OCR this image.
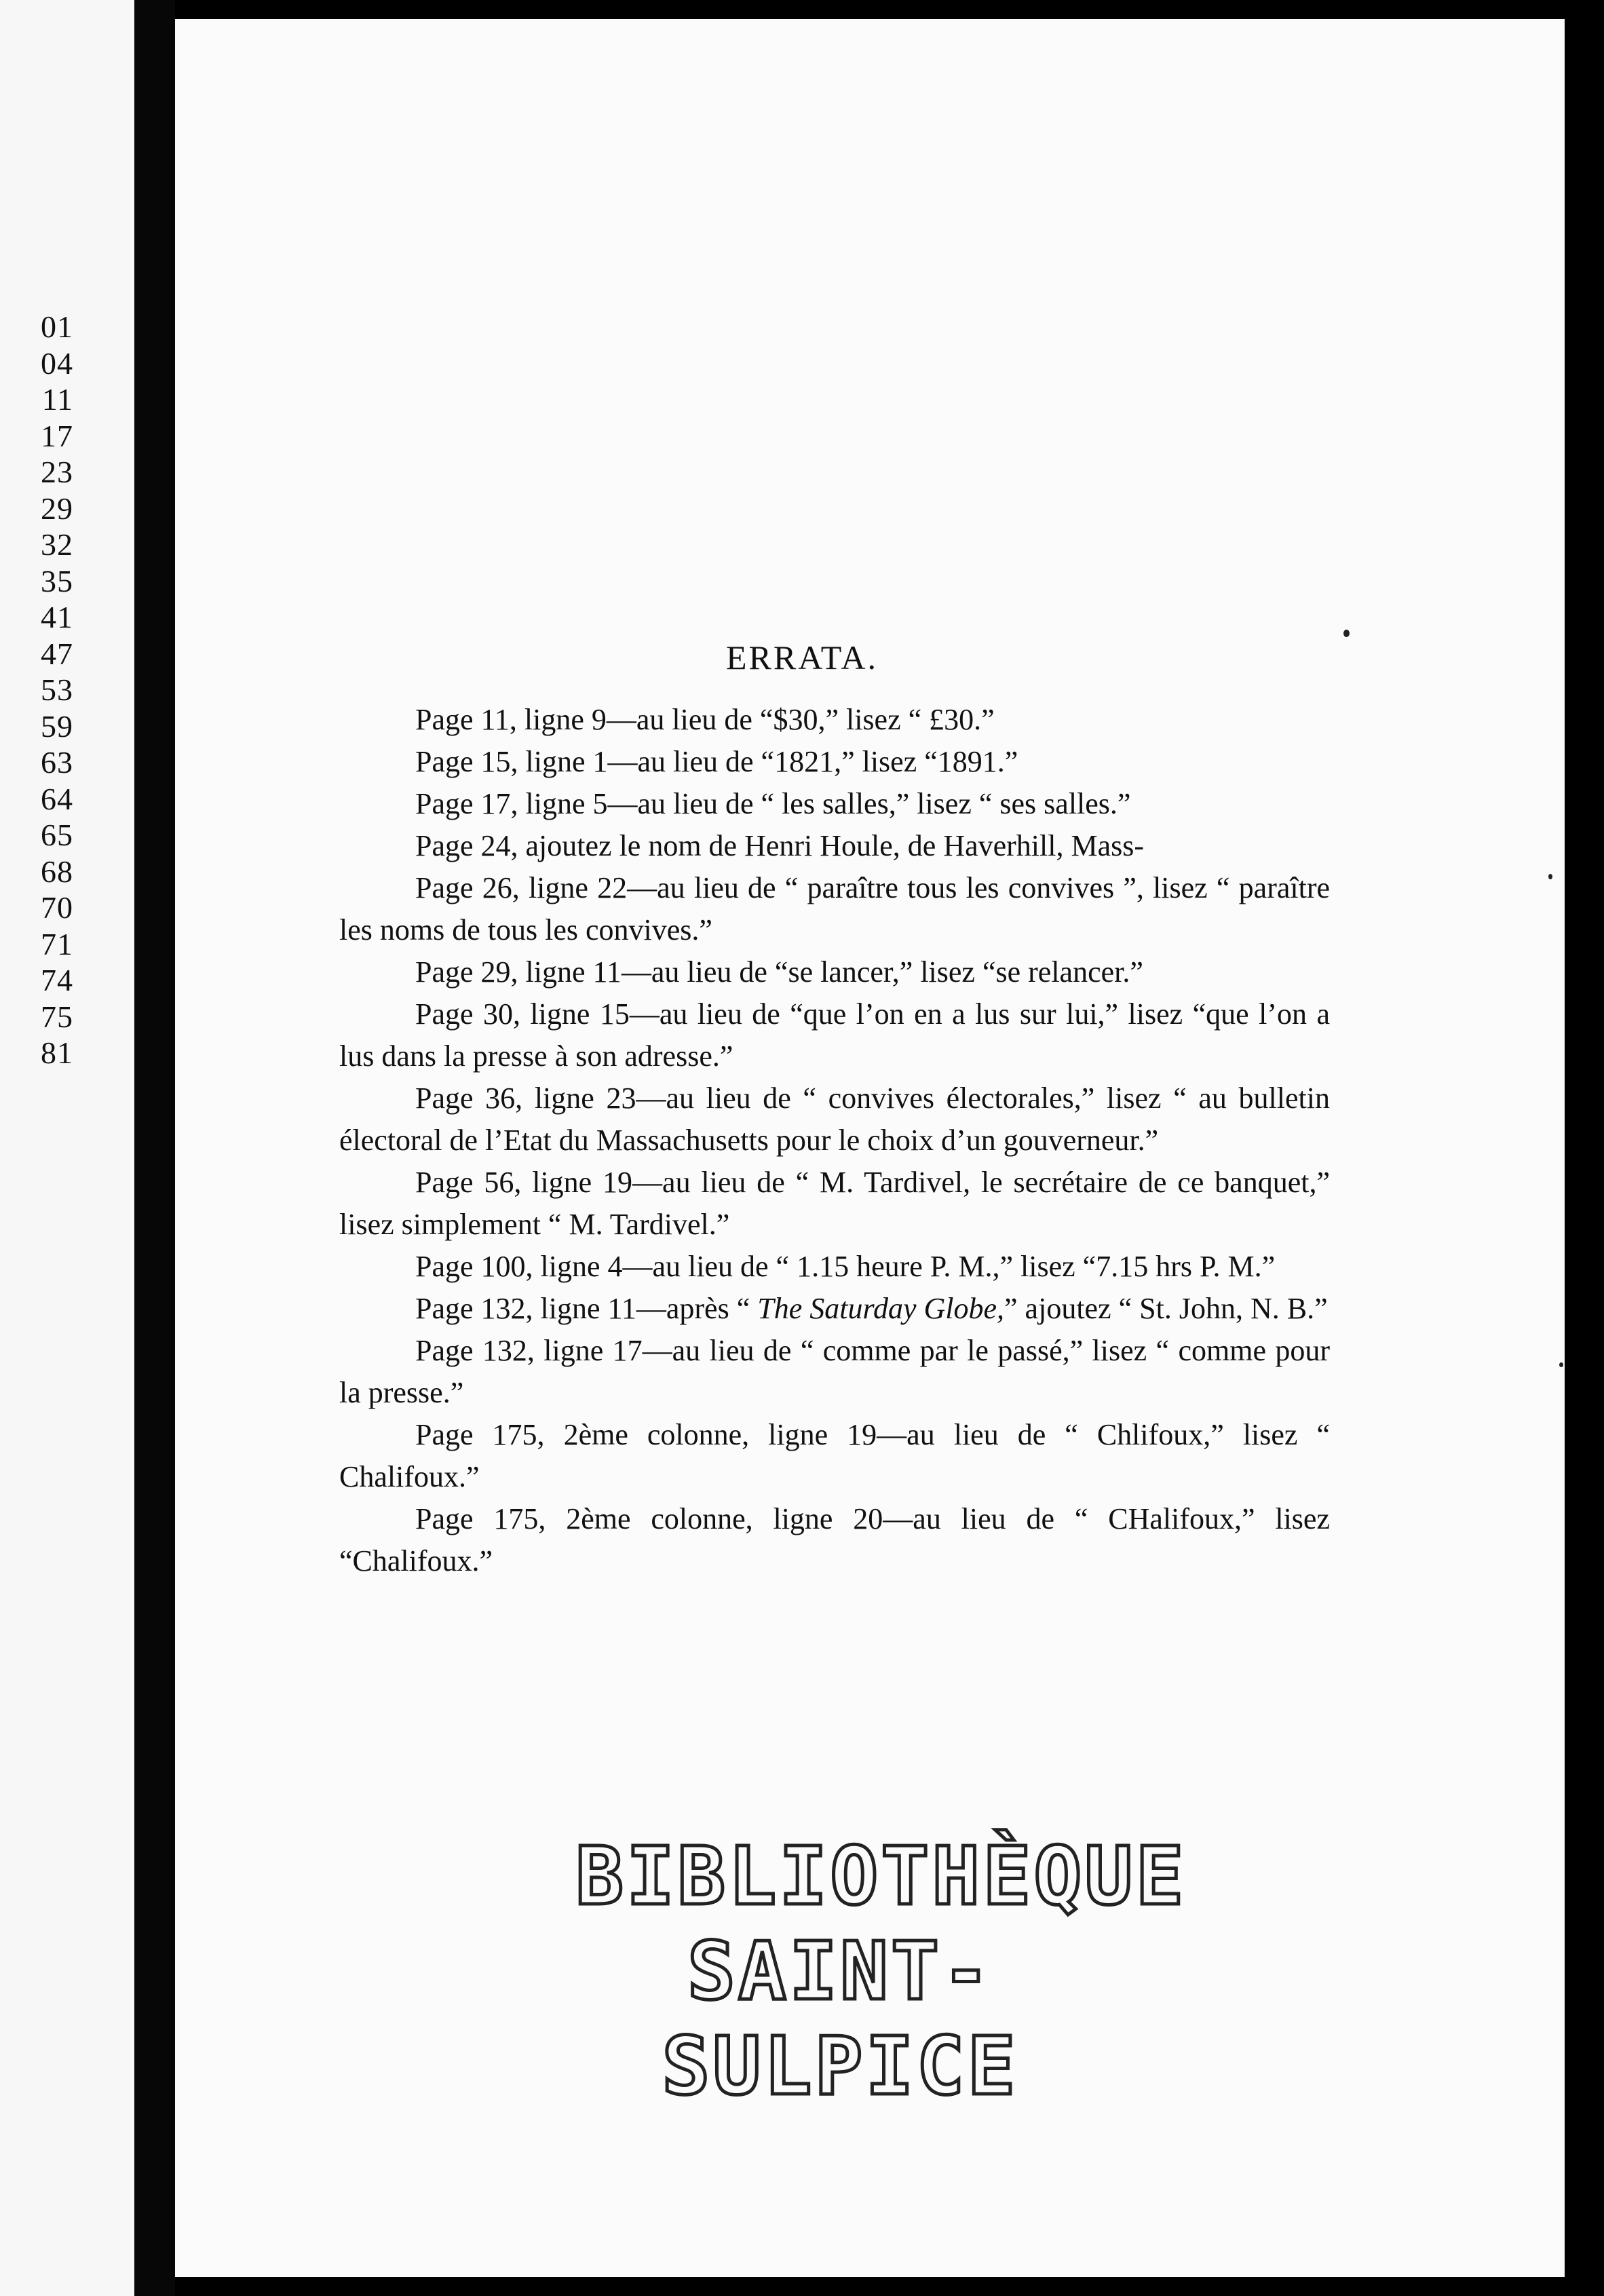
01
04
11
17
23
29
32
35
41
47
53
59
63
64
65
68
70
71
74
75
81
ERRATA.

Page 11, ligne 9—au lieu de “$30,” lisez “ £30.”

Page 15, ligne 1—au lieu de “1821,” lisez “1891.”

Page 17, ligne 5—au lieu de “ les salles,” lisez “ ses salles.”

Page 24, ajoutez le nom de Henri Houle, de Haverhill, Mass-

Page 26, ligne 22—au lieu de “ paraître tous les convives ”, lisez “ paraître les noms de tous les convives.”

Page 29, ligne 11—au lieu de “se lancer,” lisez “se relancer.”

Page 30, ligne 15—au lieu de “que l’on en a lus sur lui,” lisez “que l’on a lus dans la presse à son adresse.”

Page 36, ligne 23—au lieu de “ convives électorales,” lisez “ au bulletin électoral de l’Etat du Massachusetts pour le choix d’un gouverneur.”

Page 56, ligne 19—au lieu de “ M. Tardivel, le secrétaire de ce banquet,” lisez simplement “ M. Tardivel.”

Page 100, ligne 4—au lieu de “ 1.15 heure P. M.,” lisez “7.15 hrs P. M.”

Page 132, ligne 11—après “ The Saturday Globe,” ajoutez “ St. John, N. B.”

Page 132, ligne 17—au lieu de “ comme par le passé,” lisez “ comme pour la presse.”

Page 175, 2ème colonne, ligne 19—au lieu de “ Chlifoux,” lisez “ Chalifoux.”

Page 175, 2ème colonne, ligne 20—au lieu de “ CHalifoux,” lisez “Chalifoux.”

BIBLIOTHÈQUE
SAINT-SULPICE
